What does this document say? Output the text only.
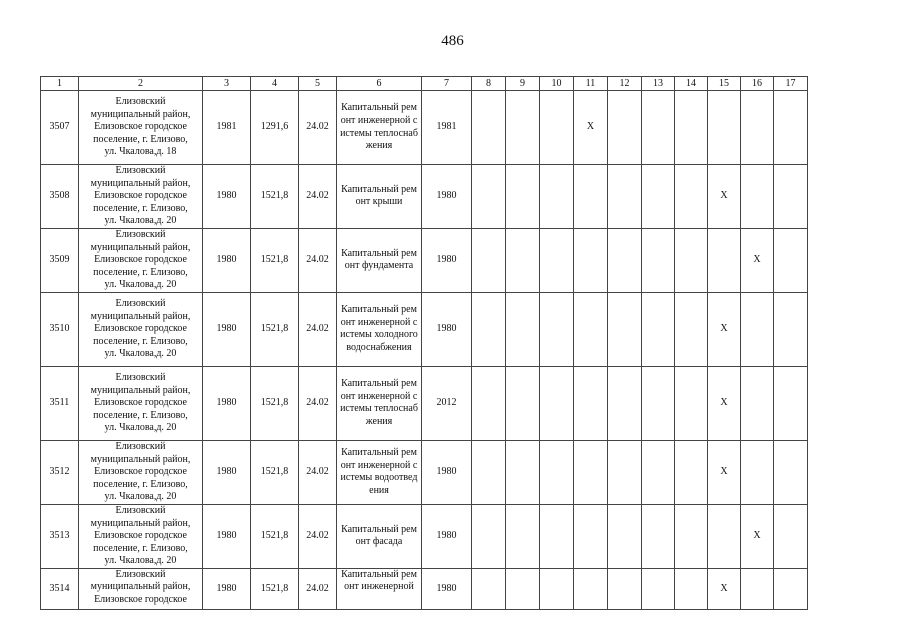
486
1	2	3	4	5	6	7	8	9	10	11	12	13	14	15	16	17
3507	Елизовский
муниципальный район,
Елизовское городское
поселение, г. Елизово,
ул. Чкалова,д. 18	1981	1291,6	24.02	Капитальный ремонт инженерной системы теплоснабжения	1981				X						
3508	Елизовский
муниципальный район,
Елизовское городское
поселение, г. Елизово,
ул. Чкалова,д. 20	1980	1521,8	24.02	Капитальный ремонт крыши	1980								X		
3509	Елизовский
муниципальный район,
Елизовское городское
поселение, г. Елизово,
ул. Чкалова,д. 20	1980	1521,8	24.02	Капитальный ремонт фундамента	1980									X	
3510	Елизовский
муниципальный район,
Елизовское городское
поселение, г. Елизово,
ул. Чкалова,д. 20	1980	1521,8	24.02	Капитальный ремонт инженерной системы холодного водоснабжения	1980								X		
3511	Елизовский
муниципальный район,
Елизовское городское
поселение, г. Елизово,
ул. Чкалова,д. 20	1980	1521,8	24.02	Капитальный ремонт инженерной системы теплоснабжения	2012								X		
3512	Елизовский
муниципальный район,
Елизовское городское
поселение, г. Елизово,
ул. Чкалова,д. 20	1980	1521,8	24.02	Капитальный ремонт инженерной системы водоотведения	1980								X		
3513	Елизовский
муниципальный район,
Елизовское городское
поселение, г. Елизово,
ул. Чкалова,д. 20	1980	1521,8	24.02	Капитальный ремонт фасада	1980									X	
3514	Елизовский
муниципальный район,
Елизовское городское	1980	1521,8	24.02	Капитальный ремонт инженерной	1980								X		
